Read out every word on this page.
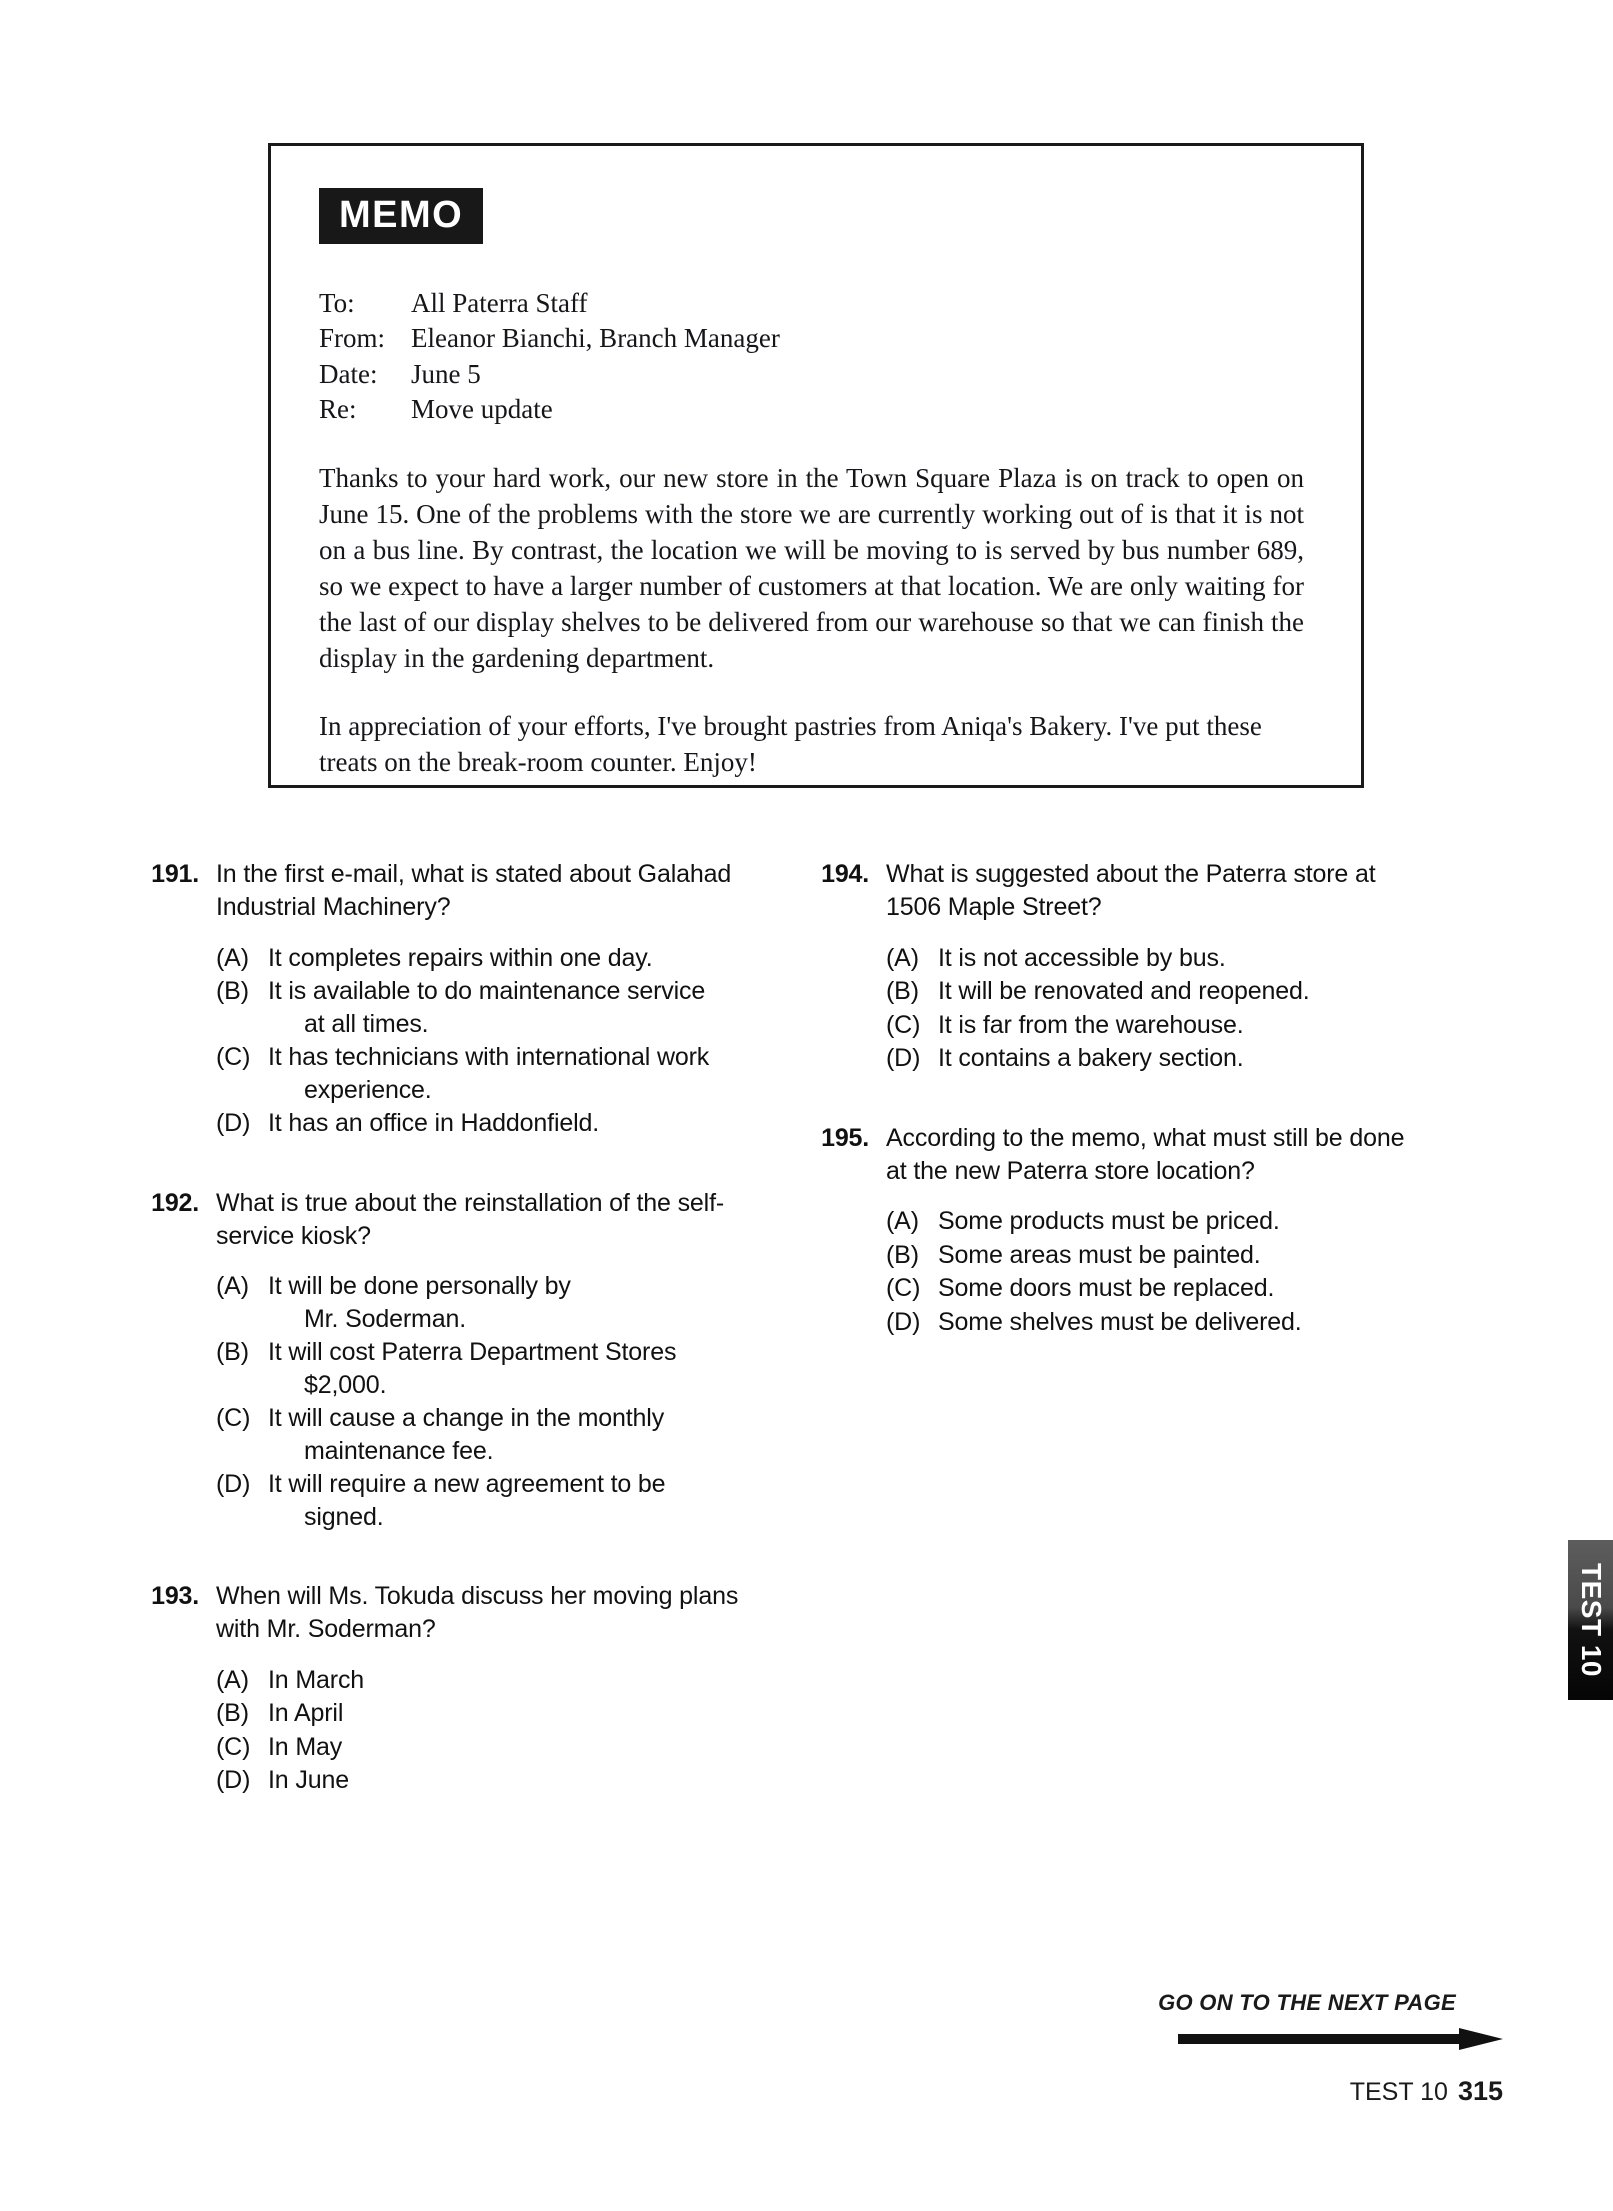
MEMO
To:	All Paterra Staff
From: Eleanor Bianchi, Branch Manager
Date:	June 5
Re:	Move update

Thanks to your hard work, our new store in the Town Square Plaza is on track to open on June 15. One of the problems with the store we are currently working out of is that it is not on a bus line. By contrast, the location we will be moving to is served by bus number 689, so we expect to have a larger number of customers at that location. We are only waiting for the last of our display shelves to be delivered from our warehouse so that we can finish the display in the gardening department.

In appreciation of your efforts, I've brought pastries from Aniqa's Bakery. I've put these treats on the break-room counter. Enjoy!

191. In the first e-mail, what is stated about Galahad Industrial Machinery?
(A) It completes repairs within one day.
(B) It is available to do maintenance service
at all times.
(C) It has technicians with international work
experience.
(D) It has an office in Haddonfield.
192. What is true about the reinstallation of the self-service kiosk?
(A) It will be done personally by
Mr. Soderman.
(B) It will cost Paterra Department Stores
$2,000.
(C) It will cause a change in the monthly
maintenance fee.
(D) It will require a new agreement to be
signed.
193. When will Ms. Tokuda discuss her moving plans with Mr. Soderman?
(A) In March
(B) In April
(C) In May
(D) In June
194. What is suggested about the Paterra store at 1506 Maple Street?
(A) It is not accessible by bus.
(B) It will be renovated and reopened.
(C) It is far from the warehouse.
(D) It contains a bakery section.
195. According to the memo, what must still be done at the new Paterra store location?
(A) Some products must be priced.
(B) Some areas must be painted.
(C) Some doors must be replaced.
(D) Some shelves must be delivered.
TEST 10
GO ON TO THE NEXT PAGE
TEST 10 315
